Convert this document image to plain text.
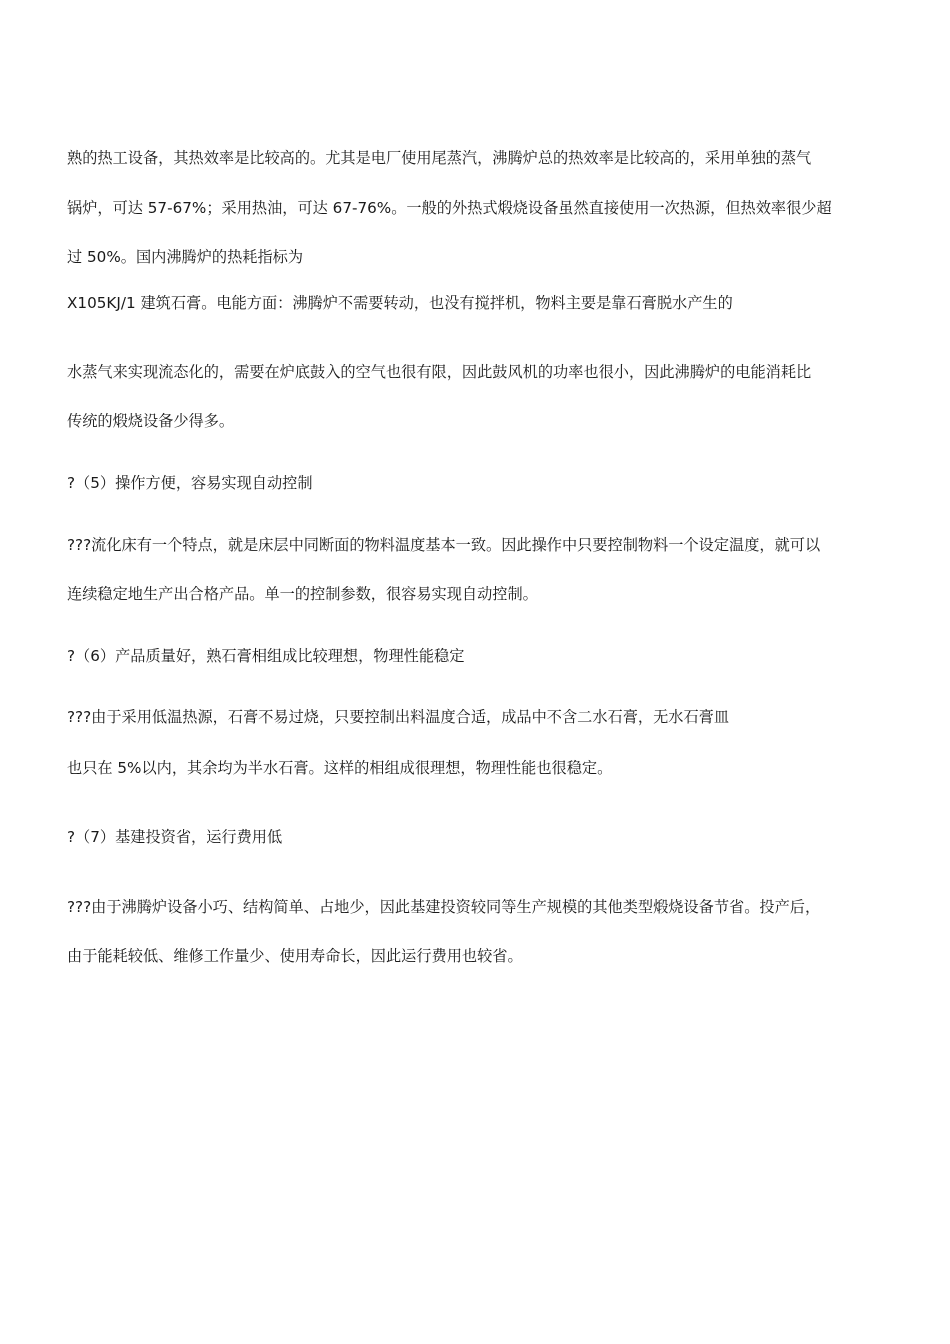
熟的热工设备，其热效率是比较高的。尤其是电厂使用尾蒸汽，沸腾炉总的热效率是比较高的，采用单独的蒸气
锅炉，可达 57-67%；采用热油，可达 67-76%。一般的外热式煅烧设备虽然直接使用一次热源，但热效率很少超
过 50%。国内沸腾炉的热耗指标为
X105KJ/1 建筑石膏。电能方面：沸腾炉不需要转动，也没有搅拌机，物料主要是靠石膏脱水产生的
水蒸气来实现流态化的，需要在炉底鼓入的空气也很有限，因此鼓风机的功率也很小，因此沸腾炉的电能消耗比
传统的煅烧设备少得多。
?（5）操作方便，容易实现自动控制
???流化床有一个特点，就是床层中同断面的物料温度基本一致。因此操作中只要控制物料一个设定温度，就可以
连续稳定地生产出合格产品。单一的控制参数，很容易实现自动控制。
?（6）产品质量好，熟石膏相组成比较理想，物理性能稳定
???由于采用低温热源，石膏不易过烧，只要控制出料温度合适，成品中不含二水石膏，无水石膏皿
也只在 5%以内，其余均为半水石膏。这样的相组成很理想，物理性能也很稳定。
?（7）基建投资省，运行费用低
???由于沸腾炉设备小巧、结构简单、占地少，因此基建投资较同等生产规模的其他类型煅烧设备节省。投产后，
由于能耗较低、维修工作量少、使用寿命长，因此运行费用也较省。
